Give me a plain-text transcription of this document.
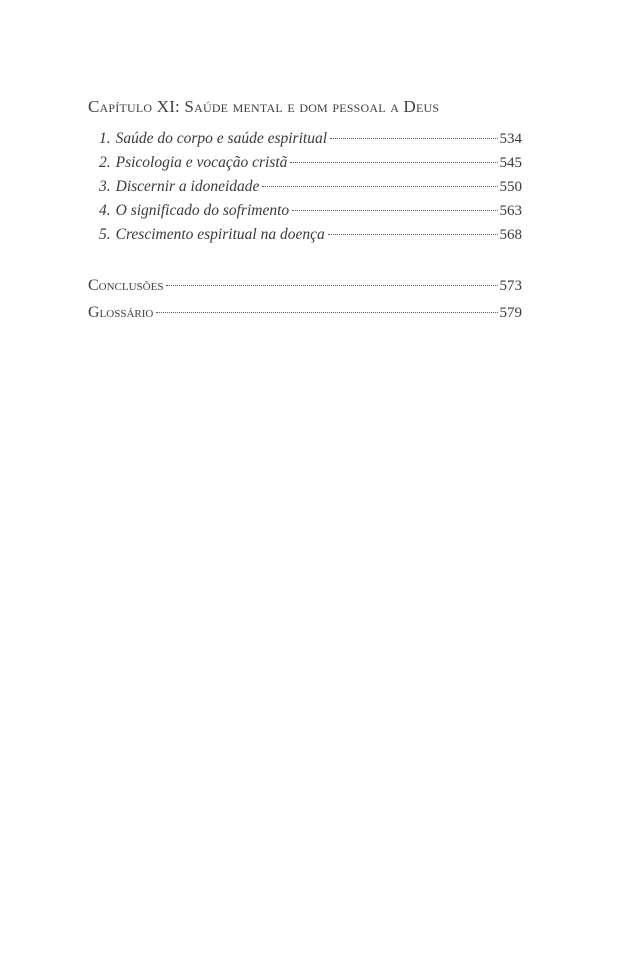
Capítulo XI: Saúde mental e dom pessoal a Deus
1. Saúde do corpo e saúde espiritual	534
2. Psicologia e vocação cristã	545
3. Discernir a idoneidade	550
4. O significado do sofrimento	563
5. Crescimento espiritual na doença	568
Conclusões	573
Glossário	579
